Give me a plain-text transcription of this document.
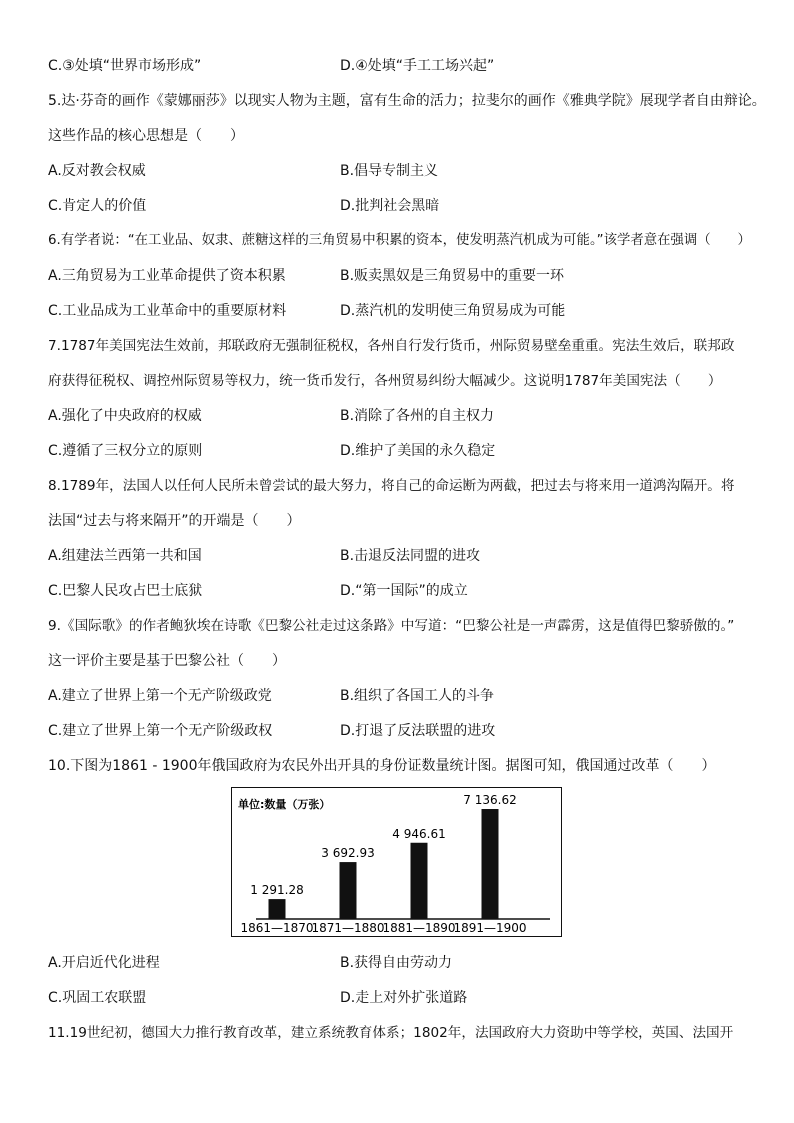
C.③处填“世界市场形成”	D.④处填“手工工场兴起”
5.达·芬奇的画作《蒙娜丽莎》以现实人物为主题，富有生命的活力；拉斐尔的画作《雅典学院》展现学者自由辩论。
这些作品的核心思想是（　　）
A.反对教会权威	B.倡导专制主义
C.肯定人的价值	D.批判社会黑暗
6.有学者说：“在工业品、奴隶、蔗糖这样的三角贸易中积累的资本，使发明蒸汽机成为可能。”该学者意在强调（　　）
A.三角贸易为工业革命提供了资本积累	B.贩卖黑奴是三角贸易中的重要一环
C.工业品成为工业革命中的重要原材料	D.蒸汽机的发明使三角贸易成为可能
7.1787年美国宪法生效前，邦联政府无强制征税权，各州自行发行货币，州际贸易壁垒重重。宪法生效后，联邦政
府获得征税权、调控州际贸易等权力，统一货币发行，各州贸易纠纷大幅减少。这说明1787年美国宪法（　　）
A.强化了中央政府的权威	B.消除了各州的自主权力
C.遵循了三权分立的原则	D.维护了美国的永久稳定
8.1789年，法国人以任何人民所未曾尝试的最大努力，将自己的命运断为两截，把过去与将来用一道鸿沟隔开。将
法国“过去与将来隔开”的开端是（　　）
A.组建法兰西第一共和国	B.击退反法同盟的进攻
C.巴黎人民攻占巴士底狱	D.“第一国际”的成立
9.《国际歌》的作者鲍狄埃在诗歌《巴黎公社走过这条路》中写道：“巴黎公社是一声霹雳，这是值得巴黎骄傲的。”
这一评价主要是基于巴黎公社（　　）
A.建立了世界上第一个无产阶级政党	B.组织了各国工人的斗争
C.建立了世界上第一个无产阶级政权	D.打退了反法联盟的进攻
10.下图为1861 - 1900年俄国政府为农民外出开具的身份证数量统计图。据图可知，俄国通过改革（　　）
单位:数量（万张）
1 291.28
1861—1870
3 692.93
1871—1880
4 946.61
1881—1890
7 136.62
1891—1900
A.开启近代化进程	B.获得自由劳动力
C.巩固工农联盟	D.走上对外扩张道路
11.19世纪初，德国大力推行教育改革，建立系统教育体系；1802年，法国政府大力资助中等学校，英国、法国开
